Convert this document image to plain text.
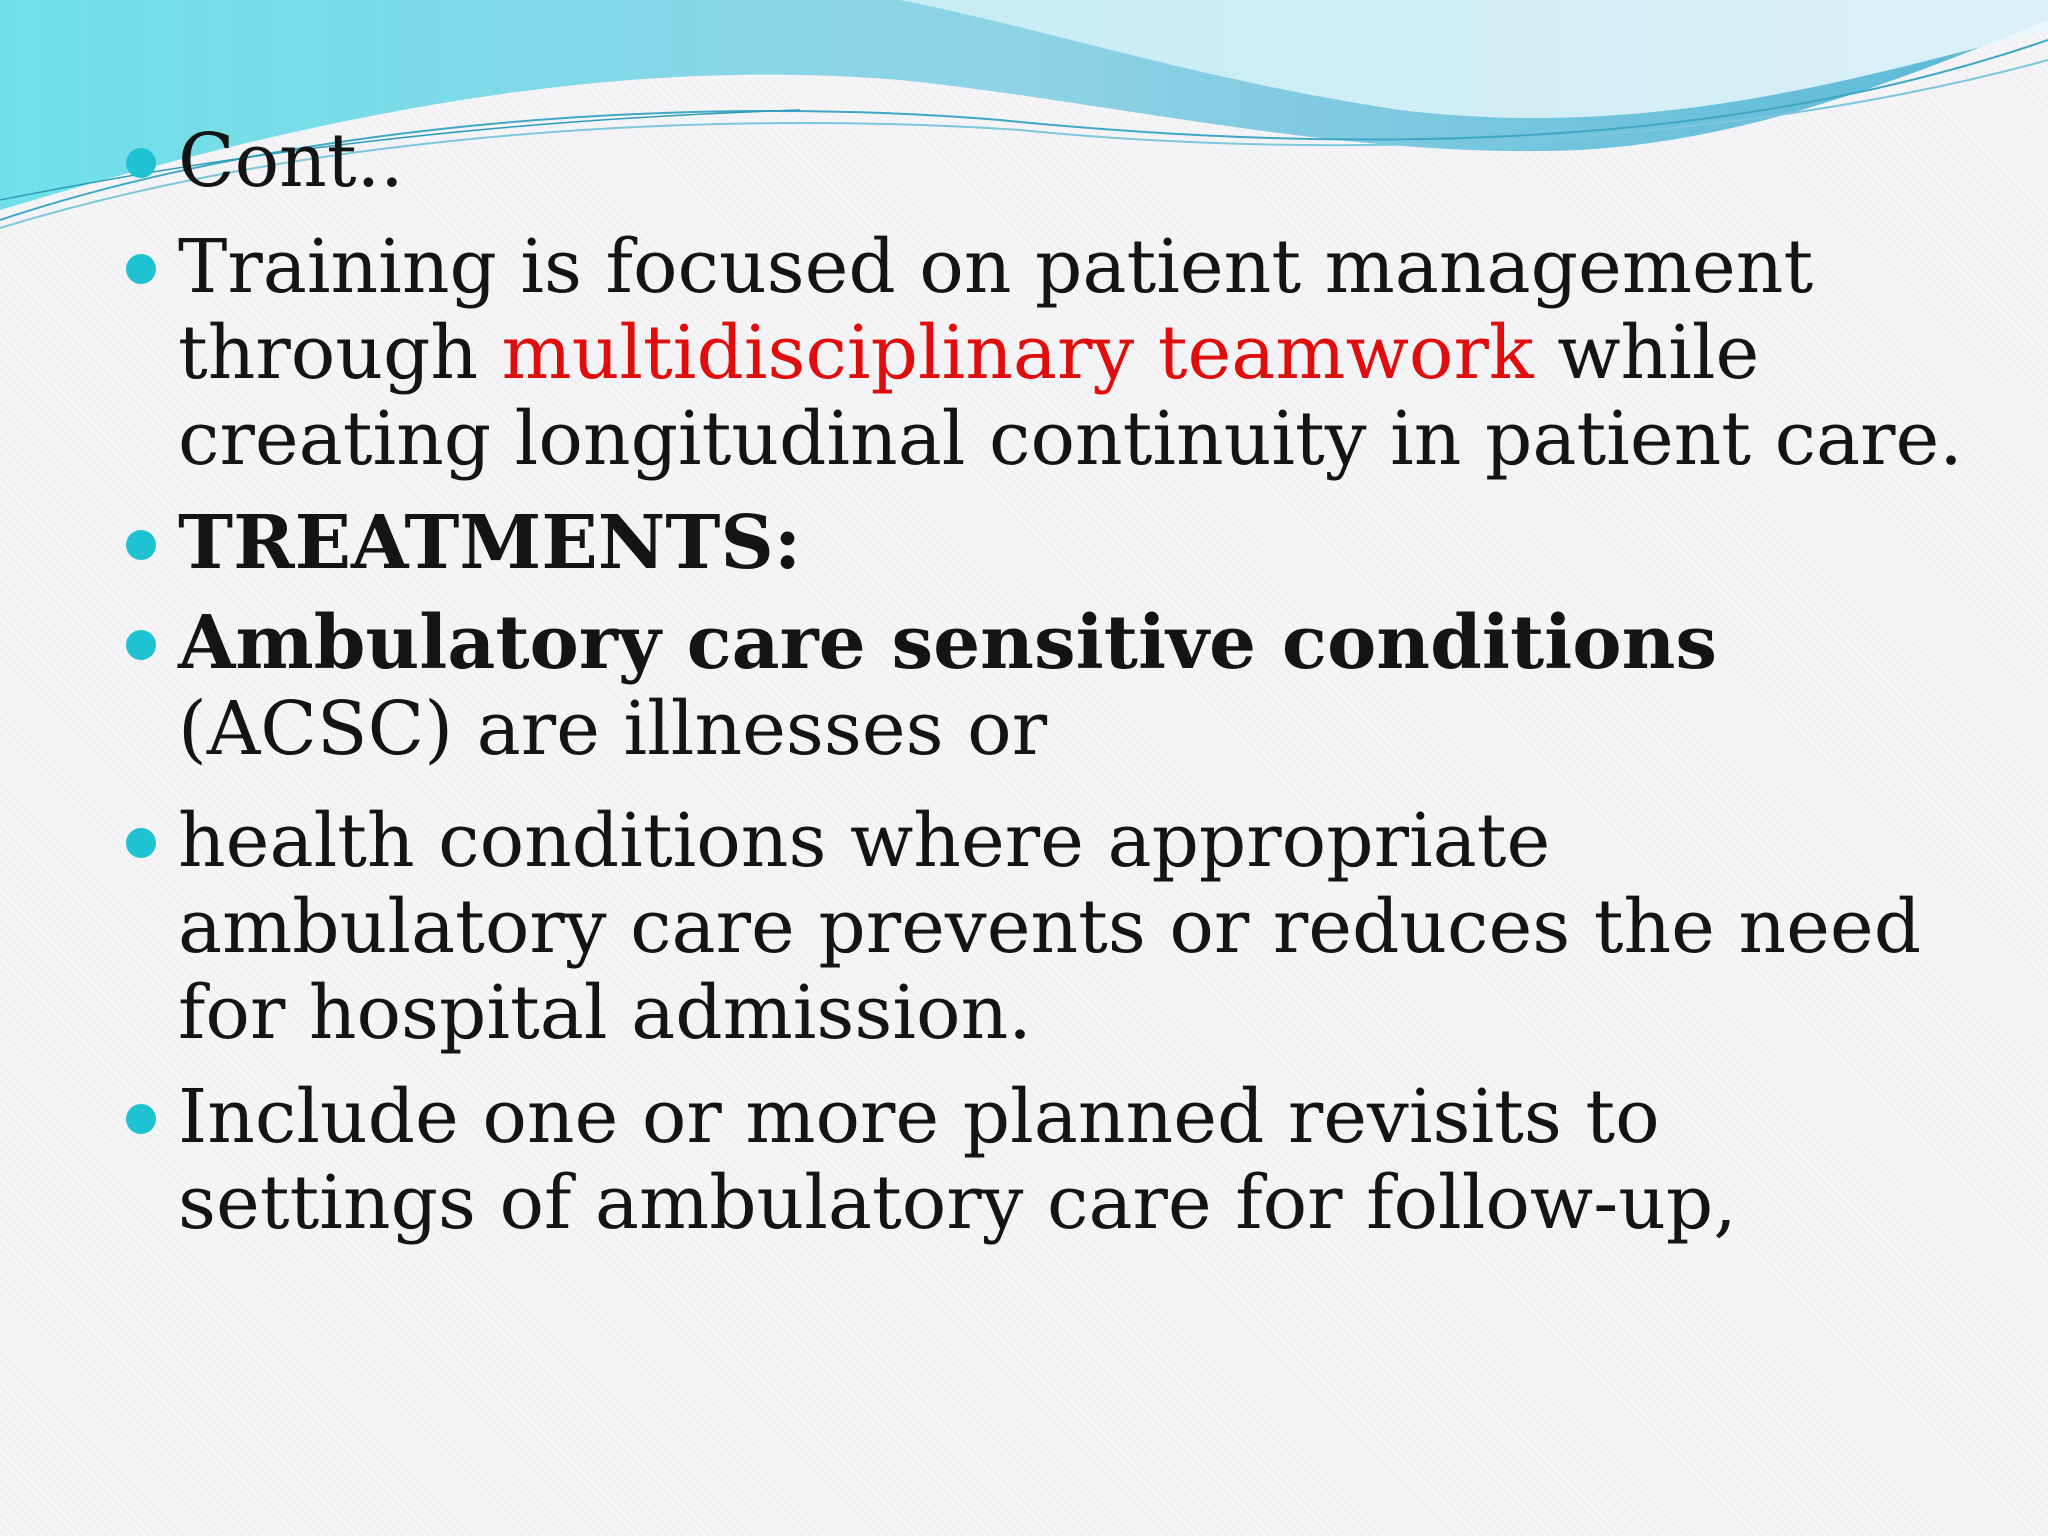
Cont..
Training is focused on patient management through multidisciplinary teamwork while creating longitudinal continuity in patient care.
TREATMENTS:
Ambulatory care sensitive conditions (ACSC) are illnesses or
health conditions where appropriate ambulatory care prevents or reduces the need for hospital admission.
Include one or more planned revisits to settings of ambulatory care for follow-up,
